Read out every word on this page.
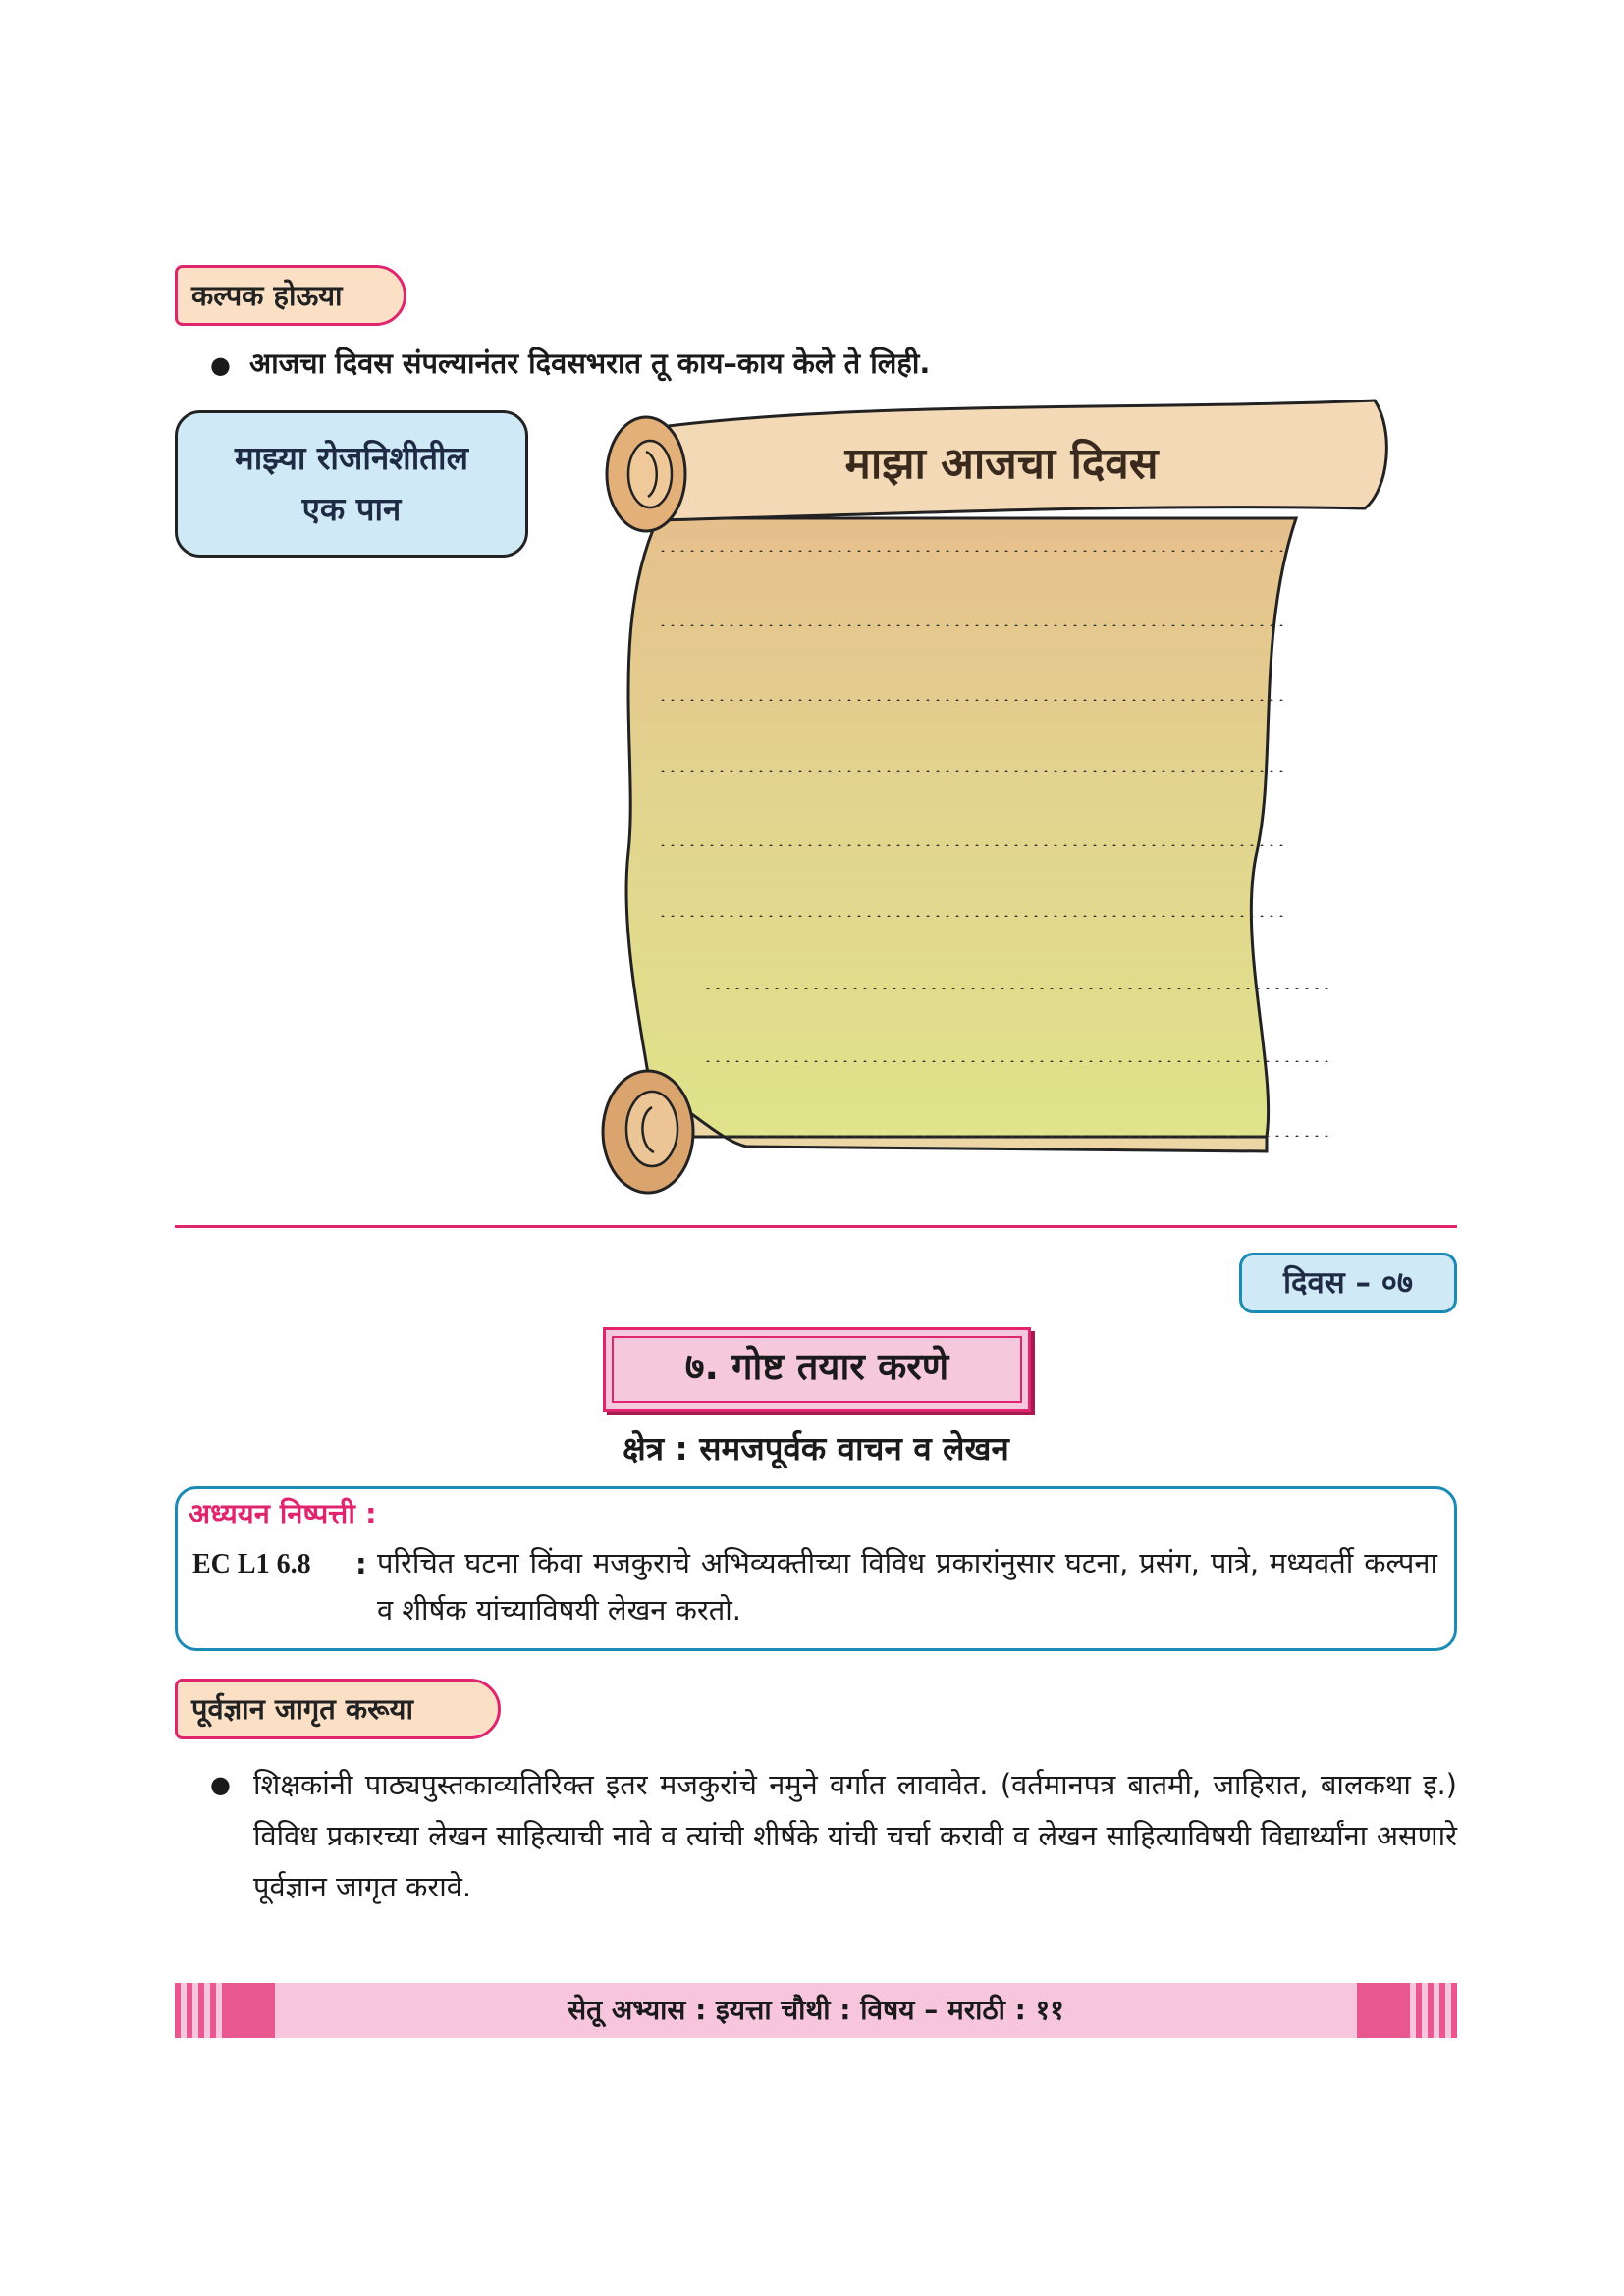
कल्पक होऊया
● आजचा दिवस संपल्यानंतर दिवसभरात तू काय–काय केले ते लिही.
माझ्या रोजनिशीतील
एक पान
माझा आजचा दिवस
दिवस – ०७
७. गोष्ट तयार करणे
क्षेत्र : समजपूर्वक वाचन व लेखन
अध्ययन निष्पत्ती :
EC L1 6.8 : परिचित घटना किंवा मजकुराचे अभिव्यक्तीच्या विविध प्रकारांनुसार घटना, प्रसंग, पात्रे, मध्यवर्ती कल्पना व शीर्षक यांच्याविषयी लेखन करतो.
पूर्वज्ञान जागृत करूया
● शिक्षकांनी पाठ्यपुस्तकाव्यतिरिक्त इतर मजकुरांचे नमुने वर्गात लावावेत. (वर्तमानपत्र बातमी, जाहिरात, बालकथा इ.) विविध प्रकारच्या लेखन साहित्याची नावे व त्यांची शीर्षके यांची चर्चा करावी व लेखन साहित्याविषयी विद्यार्थ्यांना असणारे पूर्वज्ञान जागृत करावे.
सेतू अभ्यास : इयत्ता चौथी : विषय – मराठी : ११
